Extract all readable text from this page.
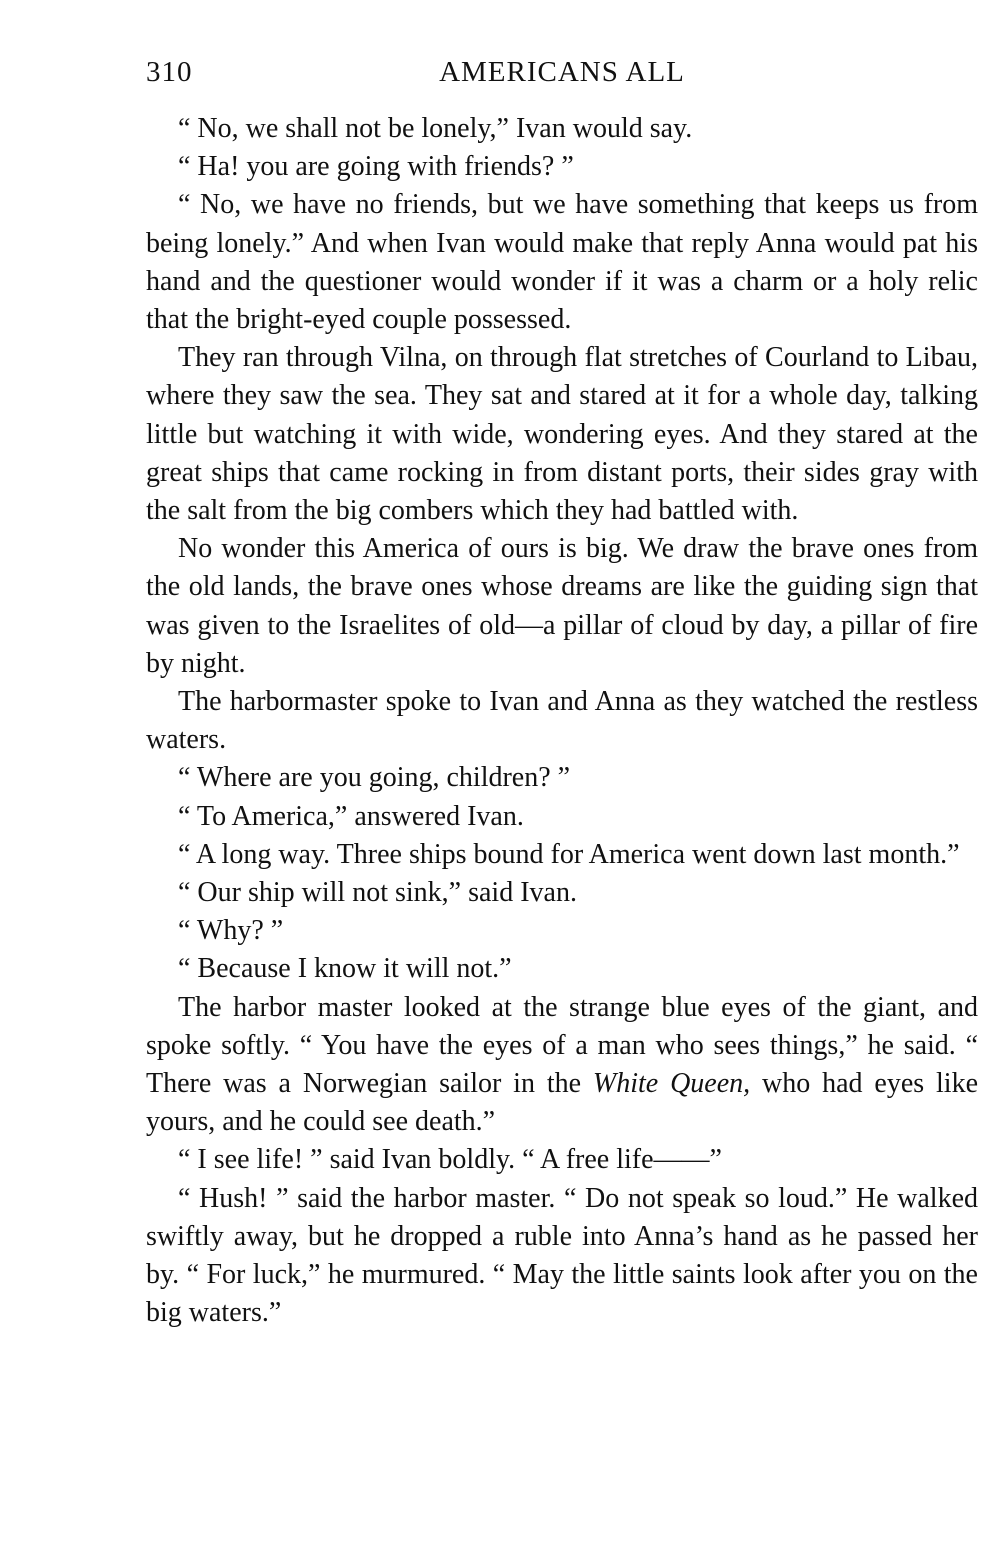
310	AMERICANS ALL

“ No, we shall not be lonely,” Ivan would say.

“ Ha! you are going with friends? ”

“ No, we have no friends, but we have something that keeps us from being lonely.” And when Ivan would make that reply Anna would pat his hand and the questioner would wonder if it was a charm or a holy relic that the bright-eyed couple possessed.

They ran through Vilna, on through flat stretches of Courland to Libau, where they saw the sea. They sat and stared at it for a whole day, talking little but watching it with wide, wondering eyes. And they stared at the great ships that came rocking in from distant ports, their sides gray with the salt from the big combers which they had battled with.

No wonder this America of ours is big. We draw the brave ones from the old lands, the brave ones whose dreams are like the guiding sign that was given to the Israelites of old—a pillar of cloud by day, a pillar of fire by night.

The harbormaster spoke to Ivan and Anna as they watched the restless waters.

“ Where are you going, children? ”

“ To America,” answered Ivan.

“ A long way. Three ships bound for America went down last month.”

“ Our ship will not sink,” said Ivan.

“ Why? ”

“ Because I know it will not.”

The harbor master looked at the strange blue eyes of the giant, and spoke softly. “ You have the eyes of a man who sees things,” he said. “ There was a Norwegian sailor in the White Queen, who had eyes like yours, and he could see death.”

“ I see life! ” said Ivan boldly. “ A free life——”

“ Hush! ” said the harbor master. “ Do not speak so loud.” He walked swiftly away, but he dropped a ruble into Anna’s hand as he passed her by. “ For luck,” he murmured. “ May the little saints look after you on the big waters.”
